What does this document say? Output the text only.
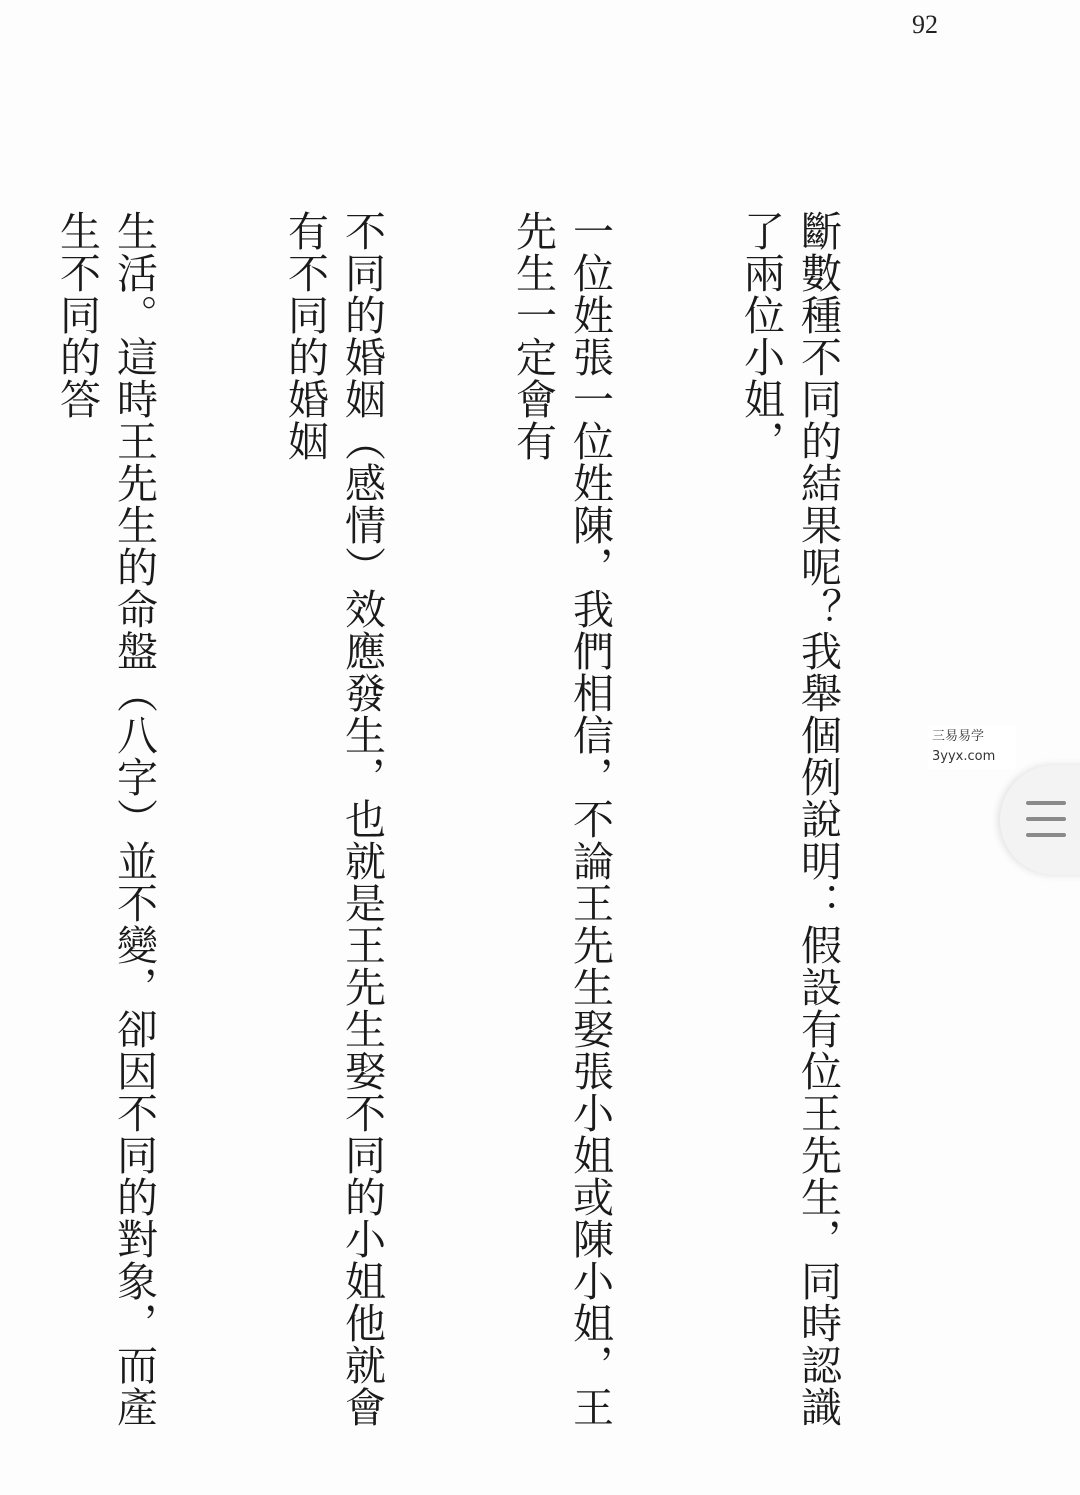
92

斷數種不同的結果呢？我舉個例說明：假設有位王先生，同時認識了兩位小姐，

一位姓張一位姓陳，我們相信，不論王先生娶張小姐或陳小姐，王先生一定會有

不同的婚姻（感情）效應發生，也就是王先生娶不同的小姐他就會有不同的婚姻

生活。這時王先生的命盤（八字）並不變，卻因不同的對象，而產生不同的答

三易易学
3yyx.com
